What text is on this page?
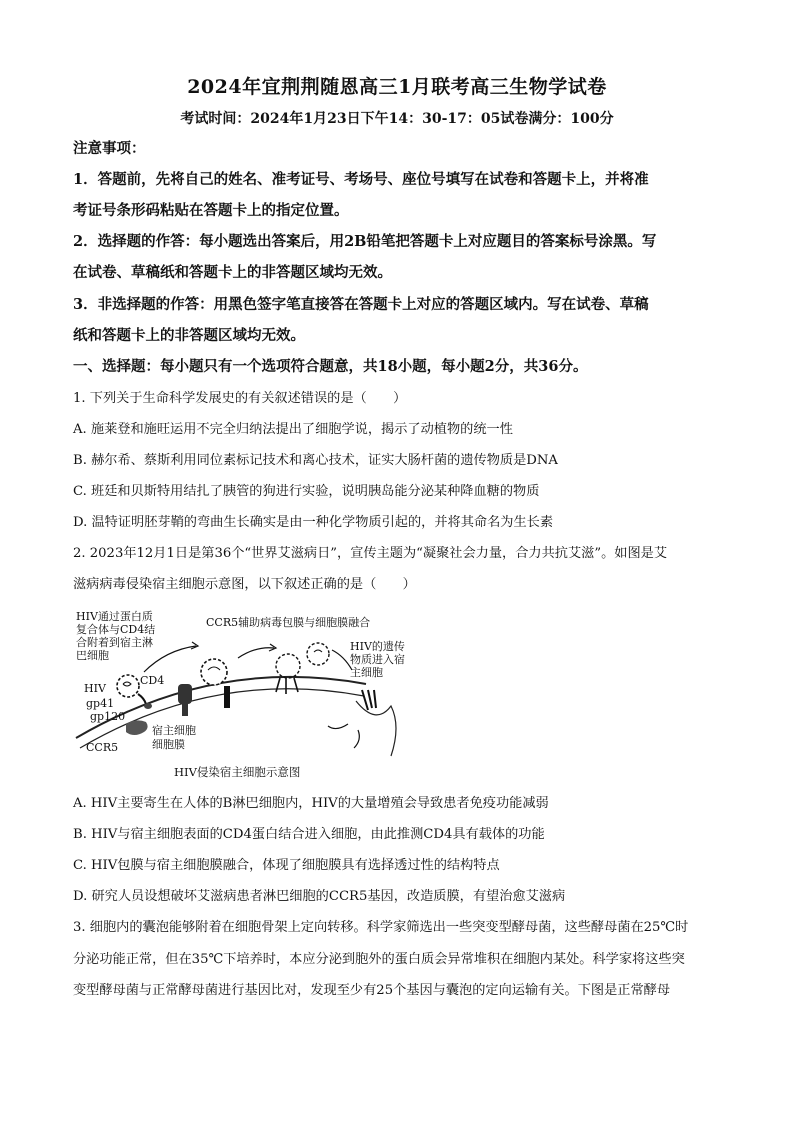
2024年宜荆荆随恩高三1月联考高三生物学试卷
考试时间：2024年1月23日下午14：30-17：05试卷满分：100分
注意事项：
1．答题前，先将自己的姓名、准考证号、考场号、座位号填写在试卷和答题卡上，并将准
考证号条形码粘贴在答题卡上的指定位置。
2．选择题的作答：每小题选出答案后，用2B铅笔把答题卡上对应题目的答案标号涂黑。写
在试卷、草稿纸和答题卡上的非答题区域均无效。
3．非选择题的作答：用黑色签字笔直接答在答题卡上对应的答题区域内。写在试卷、草稿
纸和答题卡上的非答题区域均无效。
一、选择题：每小题只有一个选项符合题意，共18小题，每小题2分，共36分。
1. 下列关于生命科学发展史的有关叙述错误的是（　　）
A. 施莱登和施旺运用不完全归纳法提出了细胞学说，揭示了动植物的统一性
B. 赫尔希、蔡斯利用同位素标记技术和离心技术，证实大肠杆菌的遗传物质是DNA
C. 班廷和贝斯特用结扎了胰管的狗进行实验，说明胰岛能分泌某种降血糖的物质
D. 温特证明胚芽鞘的弯曲生长确实是由一种化学物质引起的，并将其命名为生长素
2. 2023年12月1日是第36个“世界艾滋病日”，宣传主题为“凝聚社会力量，合力共抗艾滋”。如图是艾
滋病病毒侵染宿主细胞示意图，以下叙述正确的是（　　）
HIV通过蛋白质
复合体与CD4结
合附着到宿主淋
巴细胞
CCR5辅助病毒包膜与细胞膜融合
HIV的遗传
物质进入宿
主细胞
HIV
CD4
gp41
gp120
CCR5
宿主细胞
细胞膜
HIV侵染宿主细胞示意图
A. HIV主要寄生在人体的B淋巴细胞内，HIV的大量增殖会导致患者免疫功能减弱
B. HIV与宿主细胞表面的CD4蛋白结合进入细胞，由此推测CD4具有载体的功能
C. HIV包膜与宿主细胞膜融合，体现了细胞膜具有选择透过性的结构特点
D. 研究人员设想破坏艾滋病患者淋巴细胞的CCR5基因，改造质膜，有望治愈艾滋病
3. 细胞内的囊泡能够附着在细胞骨架上定向转移。科学家筛选出一些突变型酵母菌，这些酵母菌在25℃时
分泌功能正常，但在35℃下培养时，本应分泌到胞外的蛋白质会异常堆积在细胞内某处。科学家将这些突
变型酵母菌与正常酵母菌进行基因比对，发现至少有25个基因与囊泡的定向运输有关。下图是正常酵母
